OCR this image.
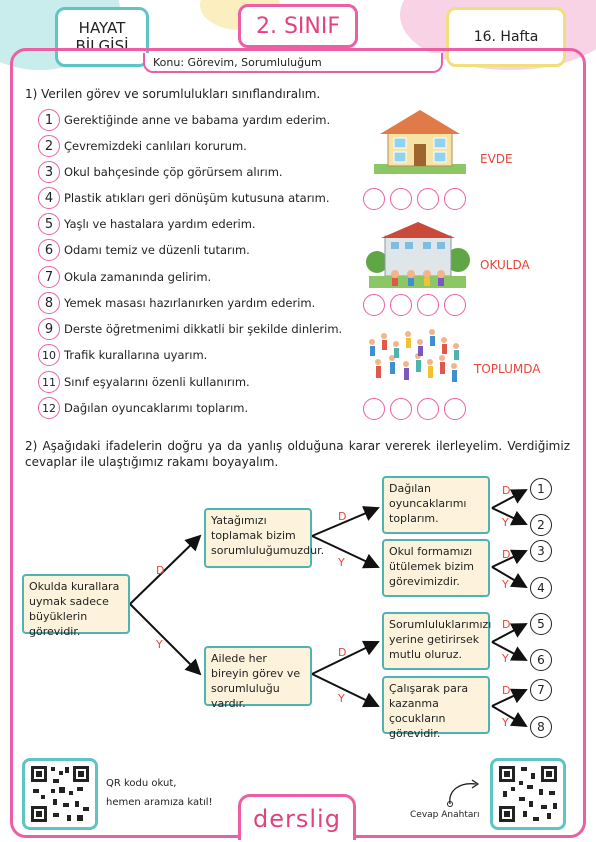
HAYAT
BİLGİSİ
2. SINIF	16. Hafta
Konu: Görevim, Sorumluluğum
1) Verilen görev ve sorumlulukları sınıflandıralım.
1 Gerektiğinde anne ve babama yardım ederim.
2 Çevremizdeki canlıları korurum.
3 Okul bahçesinde çöp görürsem alırım.
4 Plastik atıkları geri dönüşüm kutusuna atarım.
5 Yaşlı ve hastalara yardım ederim.
6 Odamı temiz ve düzenli tutarım.
7 Okula zamanında gelirim.
8 Yemek masası hazırlanırken yardım ederim.
9 Derste öğretmenimi dikkatli bir şekilde dinlerim.
10 Trafik kurallarına uyarım.
11 Sınıf eşyalarını özenli kullanırım.
12 Dağılan oyuncaklarımı toplarım.
EVDE
OKULDA
TOPLUMDA
2) Aşağıdaki ifadelerin doğru ya da yanlış olduğuna karar vererek ilerleyelim. Verdiğimiz cevaplar ile ulaştığımız rakamı boyayalım.
Okulda kurallara uymak sadece büyüklerin görevidir.
Yatağımızı toplamak bizim sorumluluğumuzdur.
Ailede her bireyin görev ve sorumluluğu vardır.
Dağılan oyuncaklarımı toplarım.
Okul formamızı ütülemek bizim görevimizdir.
Sorumluluklarımızı yerine getirirsek mutlu oluruz.
Çalışarak para kazanma çocukların görevidir.
D
Y
D
Y
D
Y
D
Y
D
Y
D
Y
D
Y
1
2
3
4
5
6
7
8
QR kodu okut,
hemen aramıza katıl!
derslig	Cevap Anahtarı
